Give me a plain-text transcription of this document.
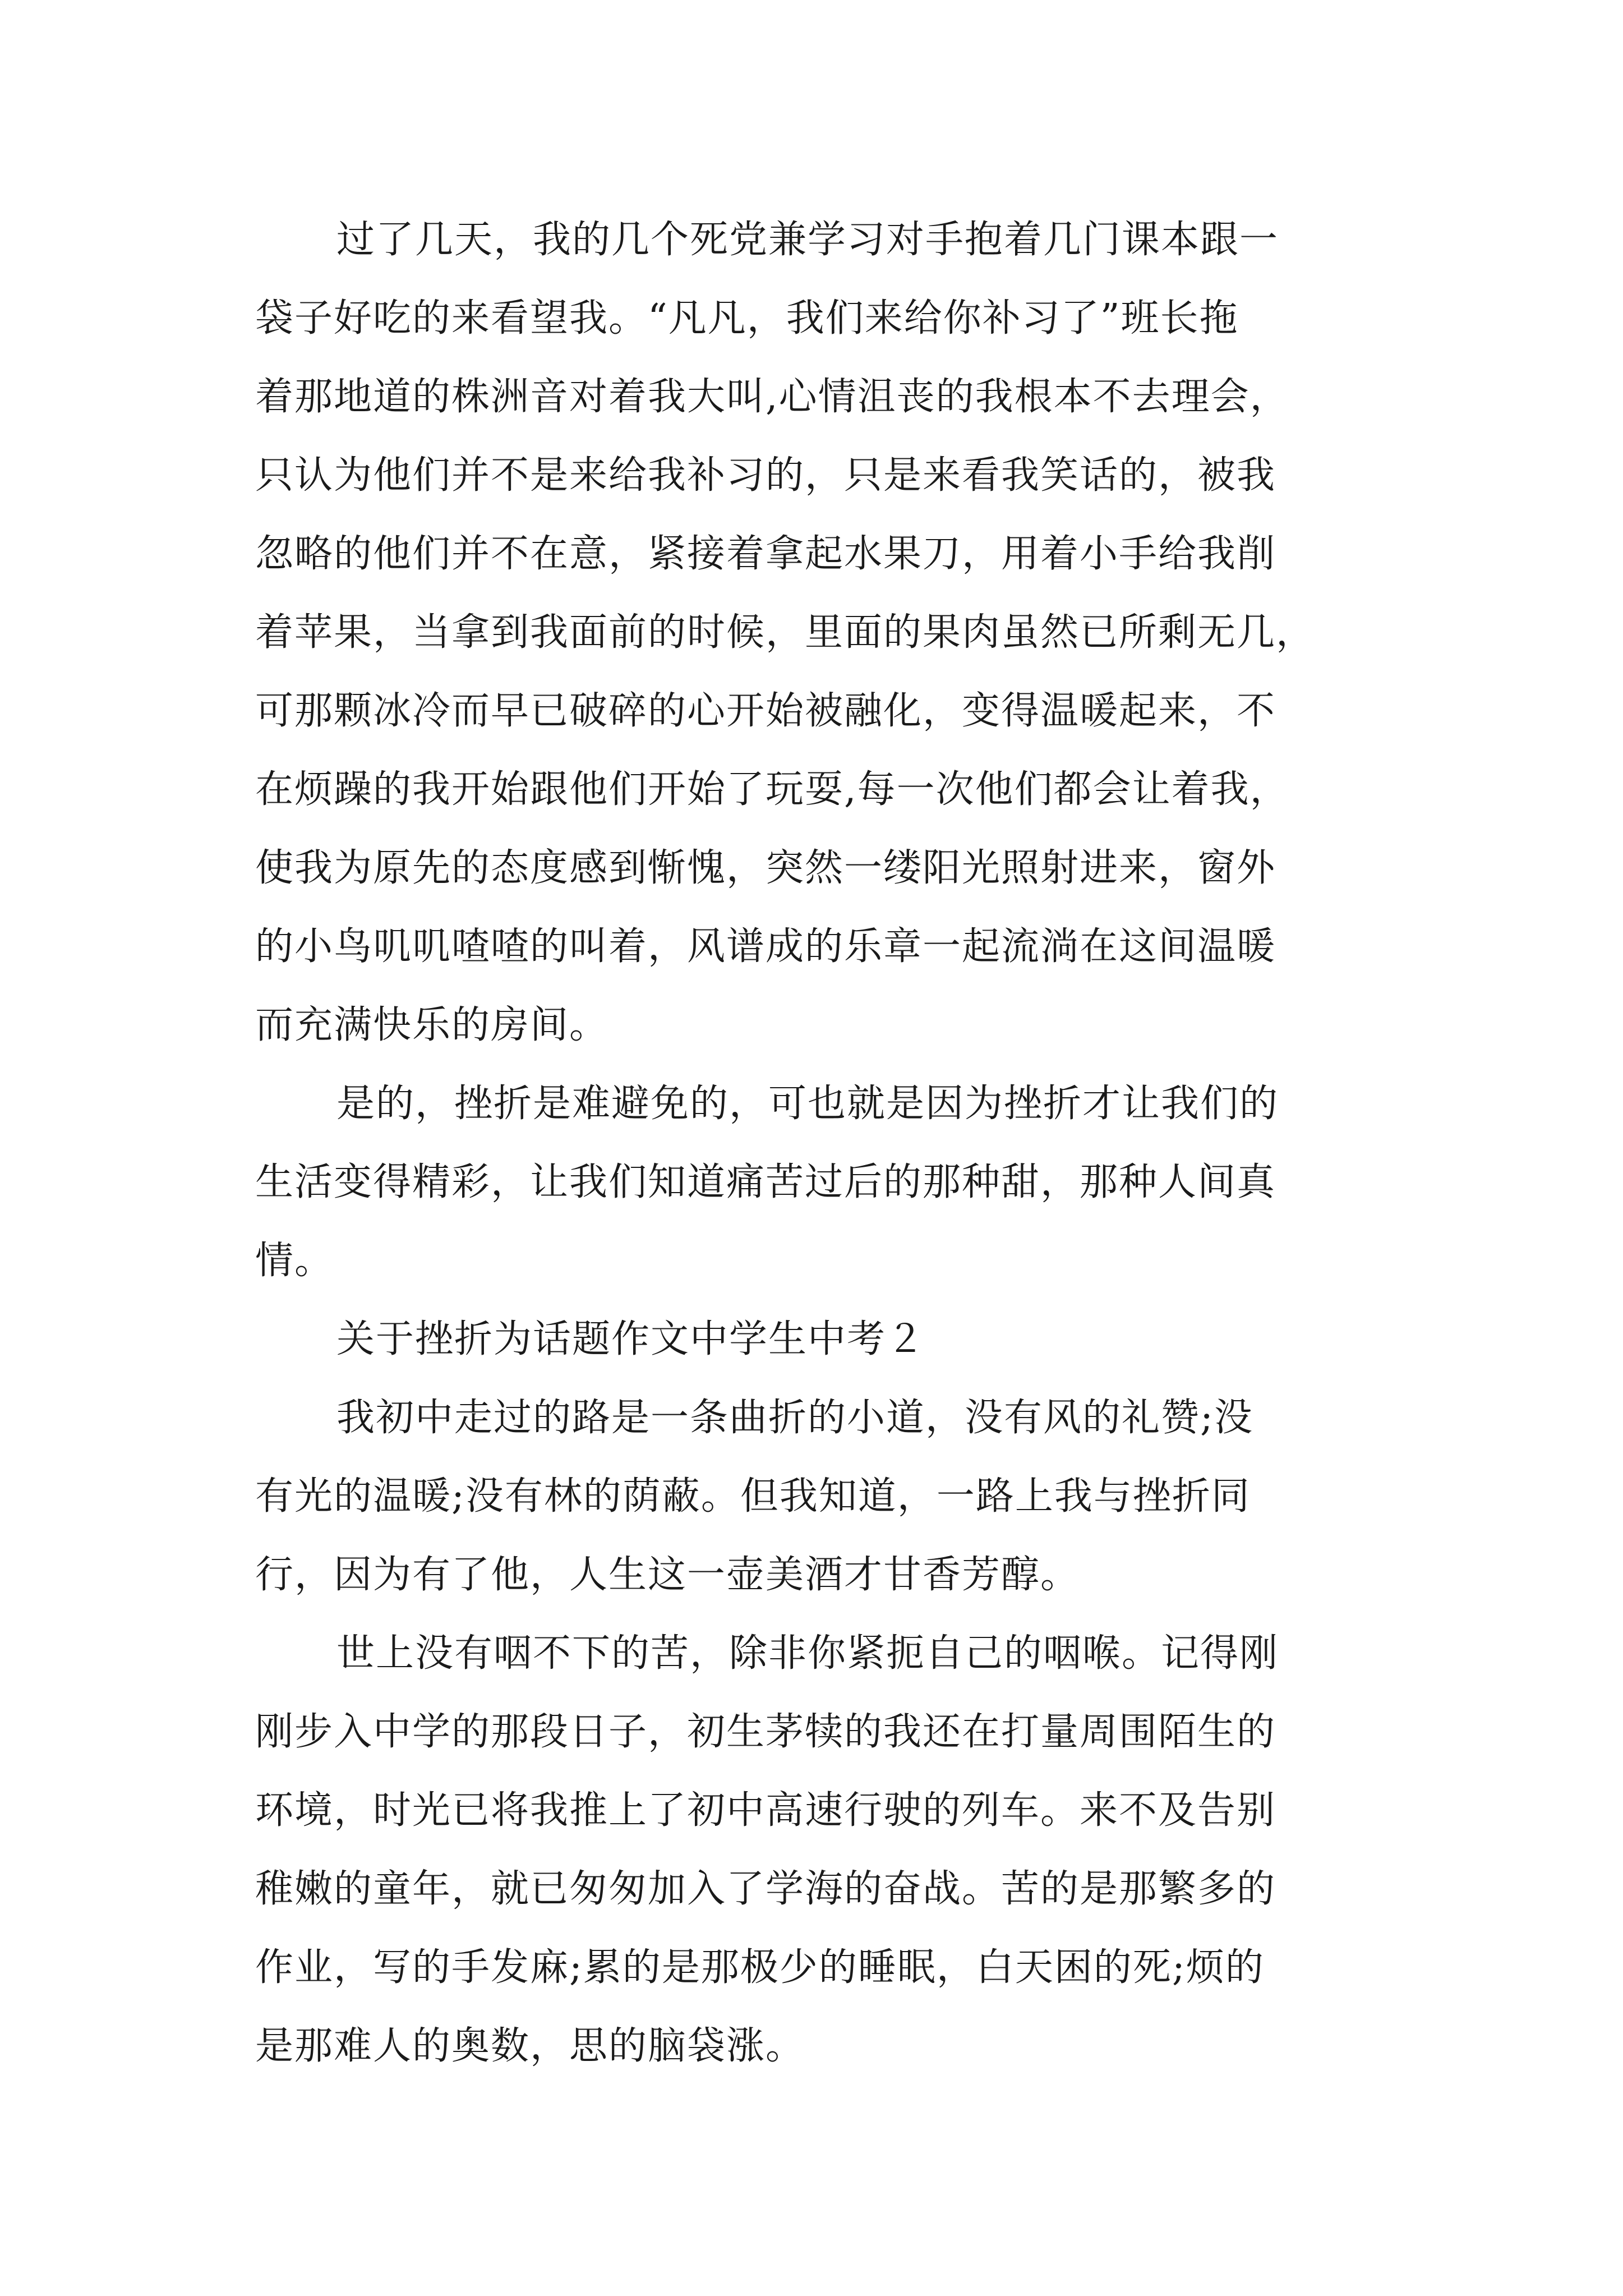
过了几天，我的几个死党兼学习对手抱着几门课本跟一
袋子好吃的来看望我。“凡凡，我们来给你补习了”班长拖
着那地道的株洲音对着我大叫,心情沮丧的我根本不去理会，
只认为他们并不是来给我补习的，只是来看我笑话的，被我
忽略的他们并不在意，紧接着拿起水果刀，用着小手给我削
着苹果，当拿到我面前的时候，里面的果肉虽然已所剩无几，
可那颗冰冷而早已破碎的心开始被融化，变得温暖起来，不
在烦躁的我开始跟他们开始了玩耍,每一次他们都会让着我，
使我为原先的态度感到惭愧，突然一缕阳光照射进来，窗外
的小鸟叽叽喳喳的叫着，风谱成的乐章一起流淌在这间温暖
而充满快乐的房间。
是的，挫折是难避免的，可也就是因为挫折才让我们的
生活变得精彩，让我们知道痛苦过后的那种甜，那种人间真
情。
关于挫折为话题作文中学生中考２
我初中走过的路是一条曲折的小道，没有风的礼赞;没
有光的温暖;没有林的荫蔽。但我知道，一路上我与挫折同
行，因为有了他，人生这一壶美酒才甘香芳醇。
世上没有咽不下的苦，除非你紧扼自己的咽喉。记得刚
刚步入中学的那段日子，初生茅犊的我还在打量周围陌生的
环境，时光已将我推上了初中高速行驶的列车。来不及告别
稚嫩的童年，就已匆匆加入了学海的奋战。苦的是那繁多的
作业，写的手发麻;累的是那极少的睡眠，白天困的死;烦的
是那难人的奥数，思的脑袋涨。
